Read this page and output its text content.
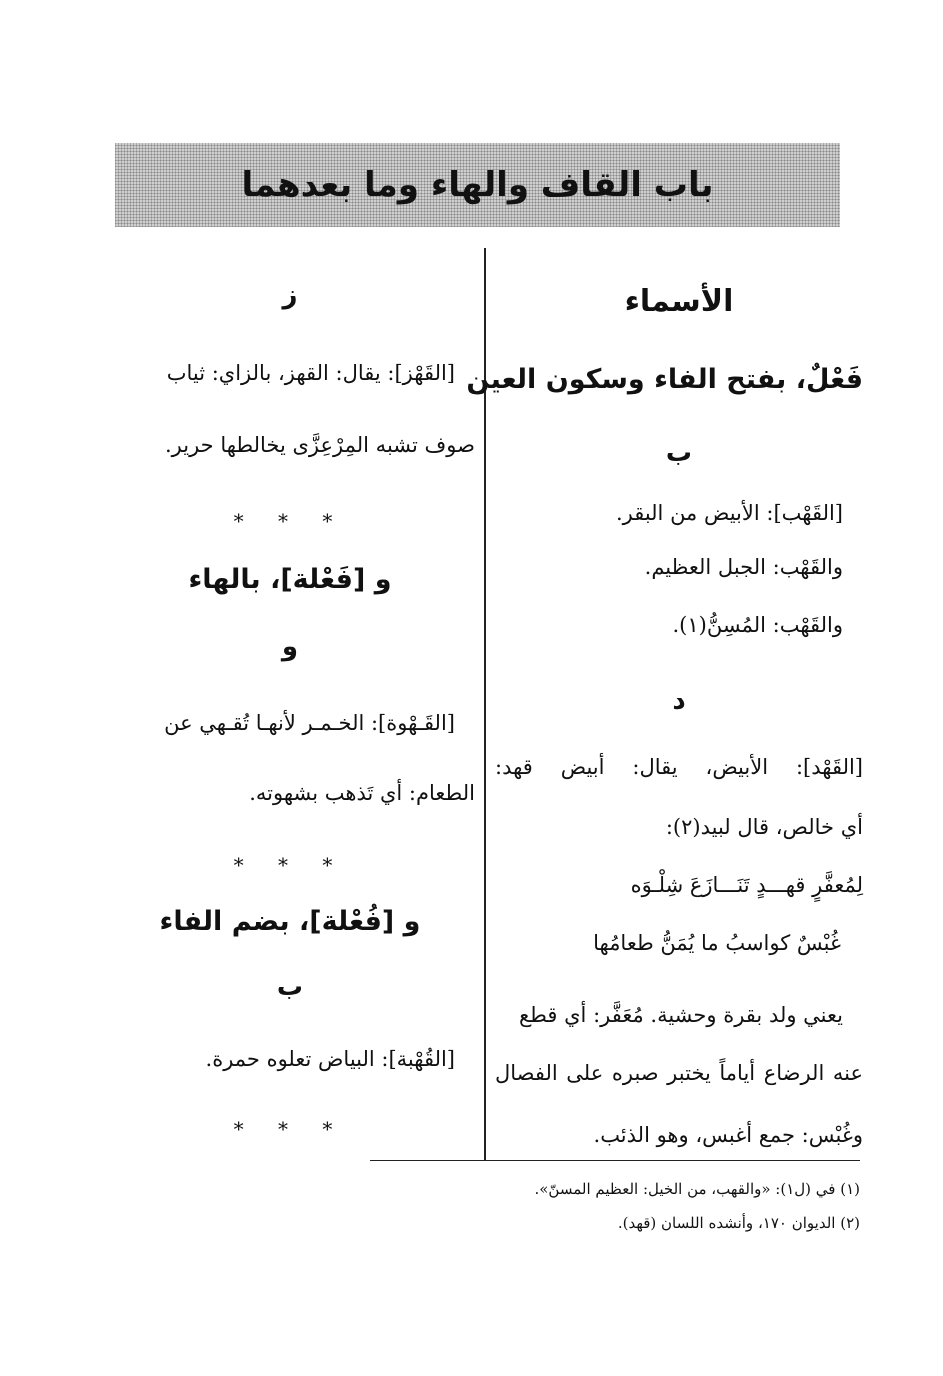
باب القاف والهاء وما بعدهما
الأسماء
فَعْلٌ، بفتح الفاء وسكون العين
ب
[القَهْب]: الأبيض من البقر.
والقَهْب: الجبل العظيم.
والقَهْب: المُسِنُّ(١).
د
[القَهْد]: الأبيض، يقال: أبيض قهد:
أي خالص، قال لبيد(٢):
لِمُعفَّرٍ قهـــدٍ تَنَـــازَعَ شِلْـوَه
غُبْسٌ كواسبُ ما يُمَنُّ طعامُها
يعني ولد بقرة وحشية. مُعَفَّر: أي قطع
عنه الرضاع أياماً يختبر صبره على الفصال
وغُبْس: جمع أغبس، وهو الذئب.
ز
[القَهْز]: يقال: القهز، بالزاي: ثياب
صوف تشبه المِرْعِزَّى يخالطها حرير.
* * *
و [فَعْلة]، بالهاء
و
[القَـهْوة]: الخـمـر لأنهـا تُقـهي عن
الطعام: أي تَذهب بشهوته.
* * *
و [فُعْلة]، بضم الفاء
ب
[القُهْبة]: البياض تعلوه حمرة.
* * *
(١) في (ل١): «والقهب، من الخيل: العظيم المسنّ».
(٢) الديوان ١٧٠، وأنشده اللسان (قهد).
